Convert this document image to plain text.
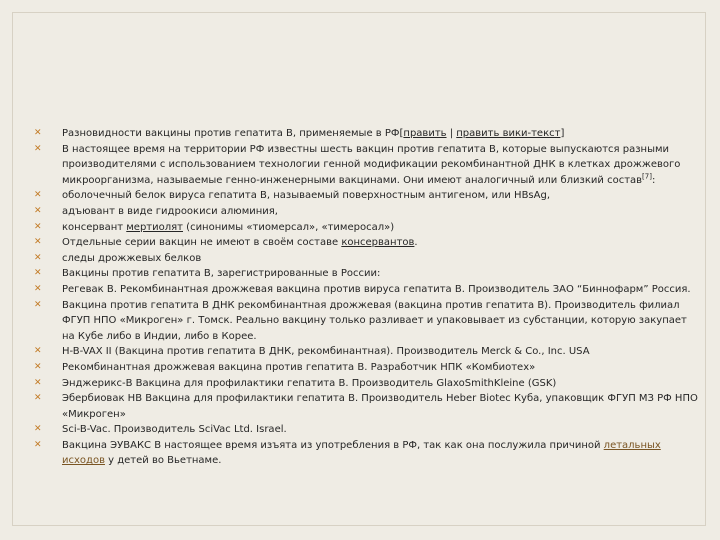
✕ Разновидности вакцины против гепатита В, применяемые в РФ[править | править вики-текст]
✕ В настоящее время на территории РФ известны шесть вакцин против гепатита В, которые выпускаются разными производителями с использованием технологии генной модификации рекомбинантной ДНК в клетках дрожжевого микроорганизма, называемые генно-инженерными вакцинами. Они имеют аналогичный или близкий состав[7]:
✕ оболочечный белок вируса гепатита В, называемый поверхностным антигеном, или HBsAg,
✕ адъювант в виде гидроокиси алюминия,
✕ консервант мертиолят (синонимы «тиомерсал», «тимеросал»)
✕ Отдельные серии вакцин не имеют в своём составе консервантов.
✕ следы дрожжевых белков
✕ Вакцины против гепатита В, зарегистрированные в России:
✕ Регевак В. Рекомбинантная дрожжевая вакцина против вируса гепатита В. Производитель ЗАО “Биннофарм” Россия.
✕ Вакцина против гепатита В ДНК рекомбинантная дрожжевая (вакцина против гепатита В). Производитель филиал ФГУП НПО «Микроген» г. Томск. Реально вакцину только разливает и упаковывает из субстанции, которую закупает на Кубе либо в Индии, либо в Корее.
✕ H-B-VAX II (Вакцина против гепатита В ДНК, рекомбинантная). Производитель Merck & Co., Inc. USA
✕ Рекомбинантная дрожжевая вакцина против гепатита В. Разработчик НПК «Комбиотех»
✕ Энджерикс-В Вакцина для профилактики гепатита В. Производитель GlaxoSmithKleine (GSK)
✕ Эбербиовак НВ Вакцина для профилактики гепатита В. Производитель Heber Biotec Куба, упаковщик ФГУП МЗ РФ НПО «Микроген»
✕ Sci-B-Vac. Производитель SciVac Ltd. Israel.
✕ Вакцина ЭУВАКС В настоящее время изъята из употребления в РФ, так как она послужила причиной летальных исходов у детей во Вьетнаме.
